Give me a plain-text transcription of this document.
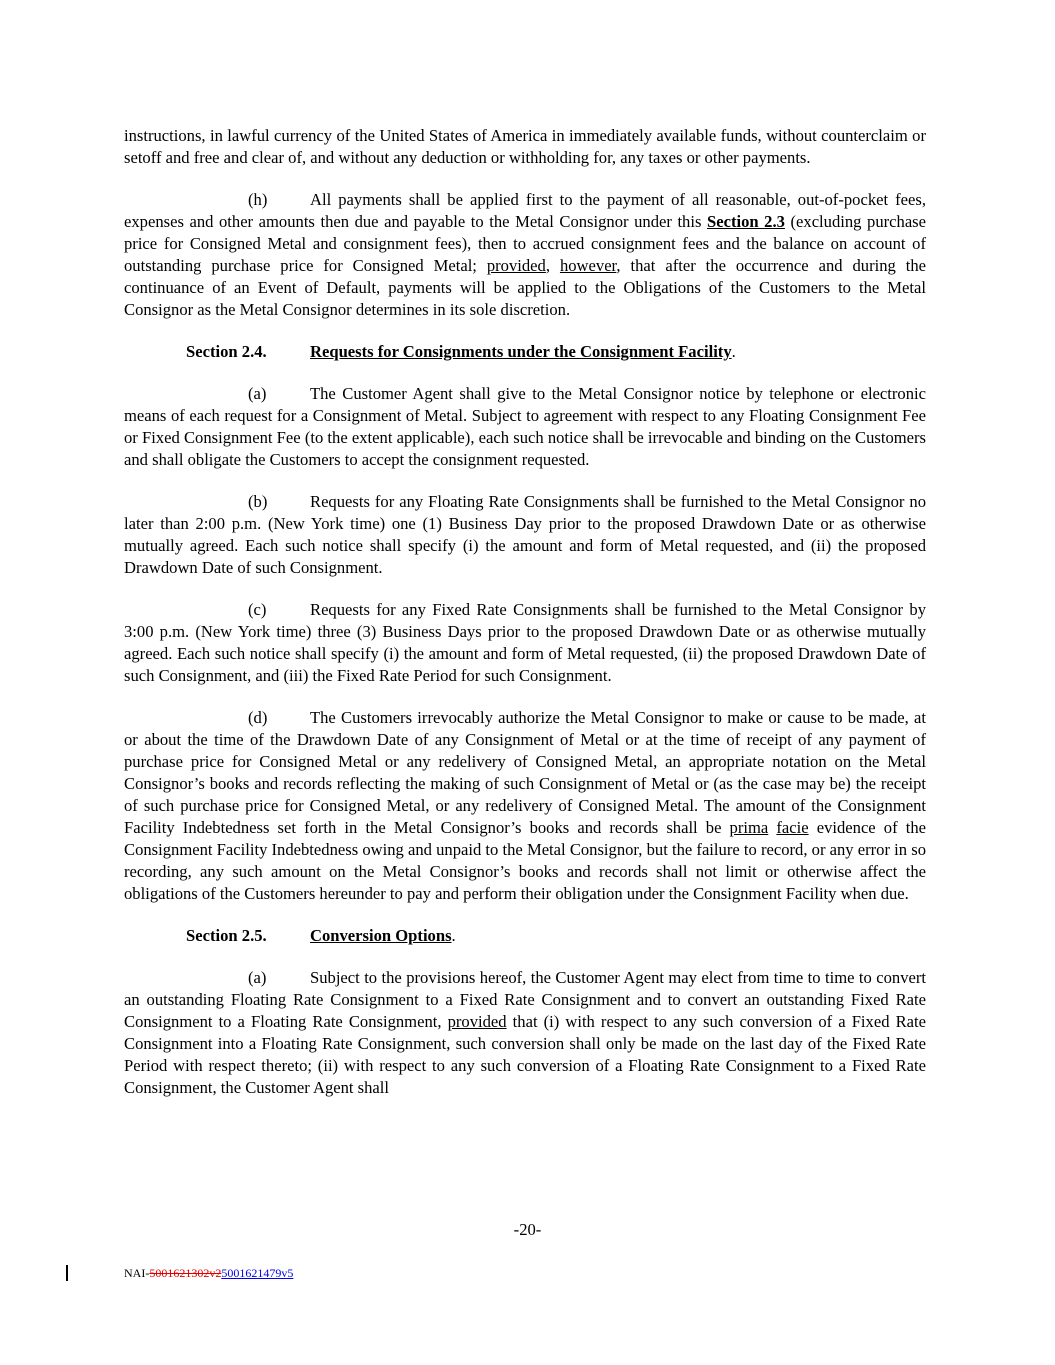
instructions, in lawful currency of the United States of America in immediately available funds, without counterclaim or setoff and free and clear of, and without any deduction or withholding for, any taxes or other payments.

(h)	All payments shall be applied first to the payment of all reasonable, out-of-pocket fees, expenses and other amounts then due and payable to the Metal Consignor under this Section 2.3 (excluding purchase price for Consigned Metal and consignment fees), then to accrued consignment fees and the balance on account of outstanding purchase price for Consigned Metal; provided, however, that after the occurrence and during the continuance of an Event of Default, payments will be applied to the Obligations of the Customers to the Metal Consignor as the Metal Consignor determines in its sole discretion.

Section 2.4.	Requests for Consignments under the Consignment Facility.

(a)	The Customer Agent shall give to the Metal Consignor notice by telephone or electronic means of each request for a Consignment of Metal. Subject to agreement with respect to any Floating Consignment Fee or Fixed Consignment Fee (to the extent applicable), each such notice shall be irrevocable and binding on the Customers and shall obligate the Customers to accept the consignment requested.

(b)	Requests for any Floating Rate Consignments shall be furnished to the Metal Consignor no later than 2:00 p.m. (New York time) one (1) Business Day prior to the proposed Drawdown Date or as otherwise mutually agreed. Each such notice shall specify (i) the amount and form of Metal requested, and (ii) the proposed Drawdown Date of such Consignment.

(c)	Requests for any Fixed Rate Consignments shall be furnished to the Metal Consignor by 3:00 p.m. (New York time) three (3) Business Days prior to the proposed Drawdown Date or as otherwise mutually agreed. Each such notice shall specify (i) the amount and form of Metal requested, (ii) the proposed Drawdown Date of such Consignment, and (iii) the Fixed Rate Period for such Consignment.

(d)	The Customers irrevocably authorize the Metal Consignor to make or cause to be made, at or about the time of the Drawdown Date of any Consignment of Metal or at the time of receipt of any payment of purchase price for Consigned Metal or any redelivery of Consigned Metal, an appropriate notation on the Metal Consignor’s books and records reflecting the making of such Consignment of Metal or (as the case may be) the receipt of such purchase price for Consigned Metal, or any redelivery of Consigned Metal. The amount of the Consignment Facility Indebtedness set forth in the Metal Consignor’s books and records shall be prima facie evidence of the Consignment Facility Indebtedness owing and unpaid to the Metal Consignor, but the failure to record, or any error in so recording, any such amount on the Metal Consignor’s books and records shall not limit or otherwise affect the obligations of the Customers hereunder to pay and perform their obligation under the Consignment Facility when due.

Section 2.5.	Conversion Options.

(a)	Subject to the provisions hereof, the Customer Agent may elect from time to time to convert an outstanding Floating Rate Consignment to a Fixed Rate Consignment and to convert an outstanding Fixed Rate Consignment to a Floating Rate Consignment, provided that (i) with respect to any such conversion of a Fixed Rate Consignment into a Floating Rate Consignment, such conversion shall only be made on the last day of the Fixed Rate Period with respect thereto; (ii) with respect to any such conversion of a Floating Rate Consignment to a Fixed Rate Consignment, the Customer Agent shall

-20-
NAI-5001621302v25001621479v5
